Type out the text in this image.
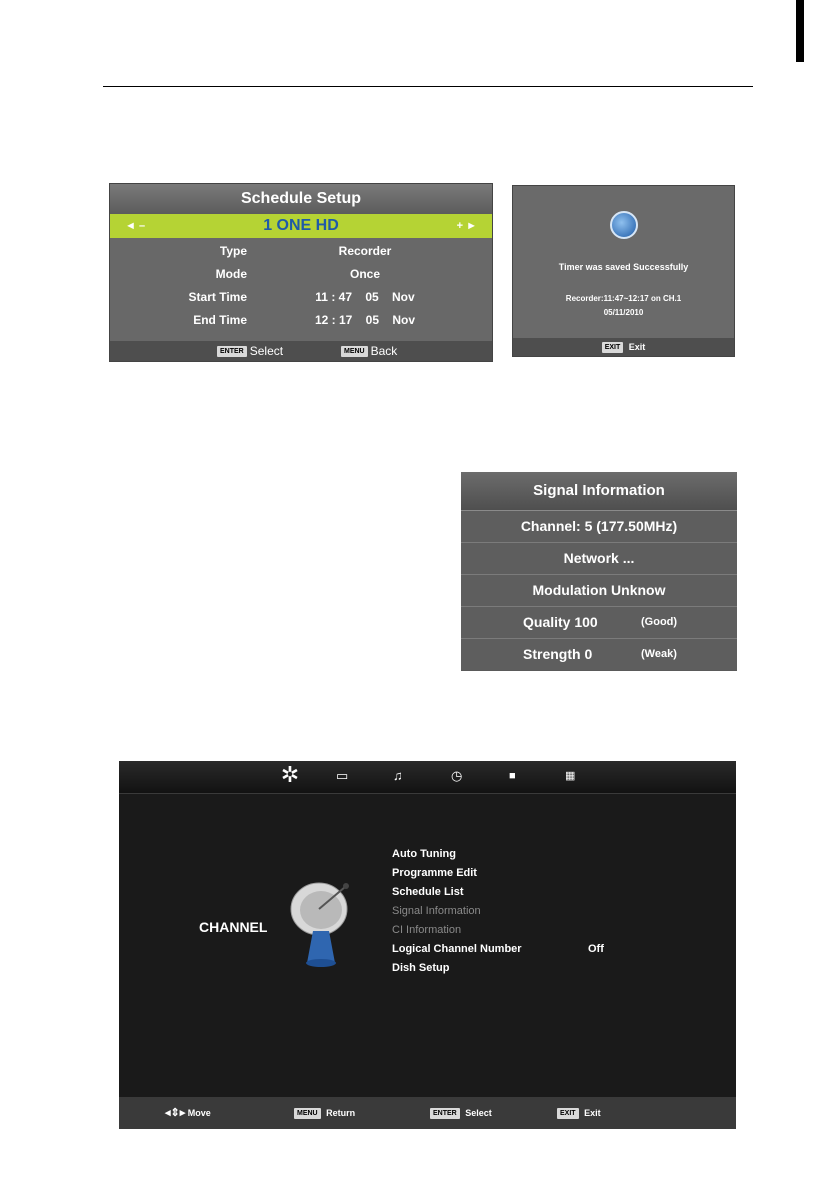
Schedule Setup
◄ –	1 ONE HD	+ ►
Type	Recorder
Mode	Once
Start Time	11 : 47    05    Nov
End Time	12 : 17    05    Nov
ENTER Select	MENU Back
Timer was saved Successfully
Recorder:11:47~12:17 on CH.1
05/11/2010
EXIT Exit
Signal Information
Channel: 5 (177.50MHz)
Network ...
Modulation Unknow
Quality 100	(Good)
Strength 0	(Weak)
✲	▭	♫	◷	■	▦
CHANNEL
Auto Tuning
Programme Edit
Schedule List
Signal Information
CI Information
Logical Channel Number	Off
Dish Setup
◂⇕▸ Move	MENU Return	ENTER Select	EXIT Exit
